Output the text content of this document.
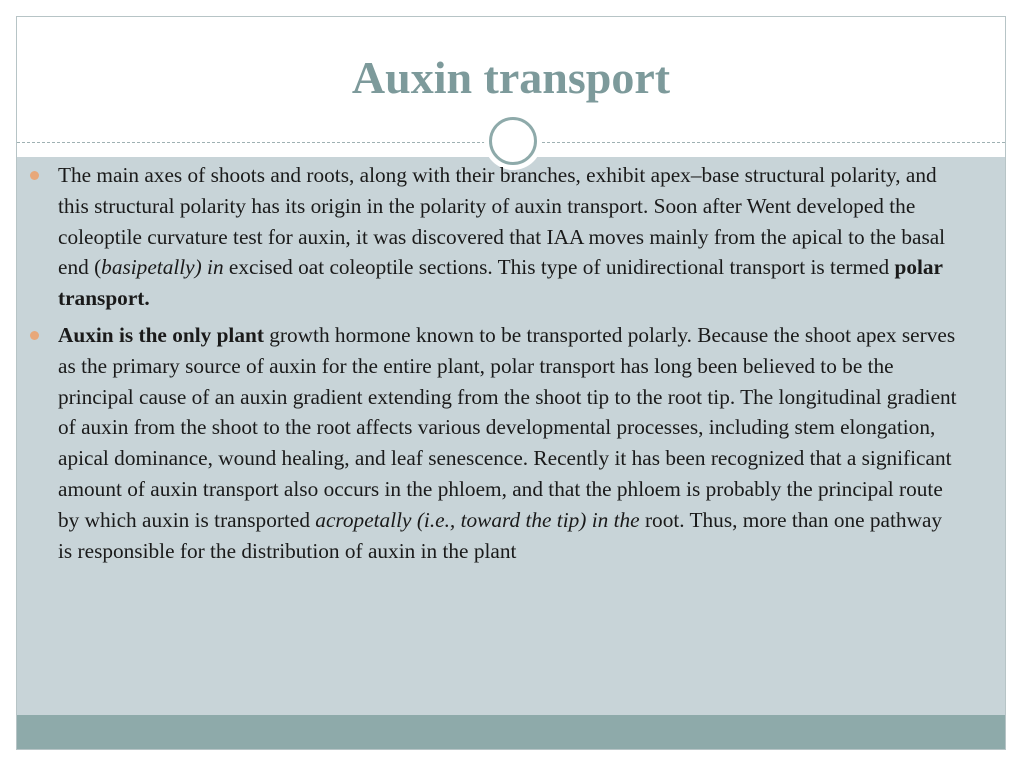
Auxin transport

The main axes of shoots and roots, along with their branches, exhibit apex–base structural polarity, and this structural polarity has its origin in the polarity of auxin transport. Soon after Went developed the coleoptile curvature test for auxin, it was discovered that IAA moves mainly from the apical to the basal end (basipetally) in excised oat coleoptile sections. This type of unidirectional transport is termed polar transport.

Auxin is the only plant growth hormone known to be transported polarly. Because the shoot apex serves as the primary source of auxin for the entire plant, polar transport has long been believed to be the principal cause of an auxin gradient extending from the shoot tip to the root tip. The longitudinal gradient of auxin from the shoot to the root affects various developmental processes, including stem elongation, apical dominance, wound healing, and leaf senescence. Recently it has been recognized that a significant amount of auxin transport also occurs in the phloem, and that the phloem is probably the principal route by which auxin is transported acropetally (i.e., toward the tip) in the root. Thus, more than one pathway is responsible for the distribution of auxin in the plant
